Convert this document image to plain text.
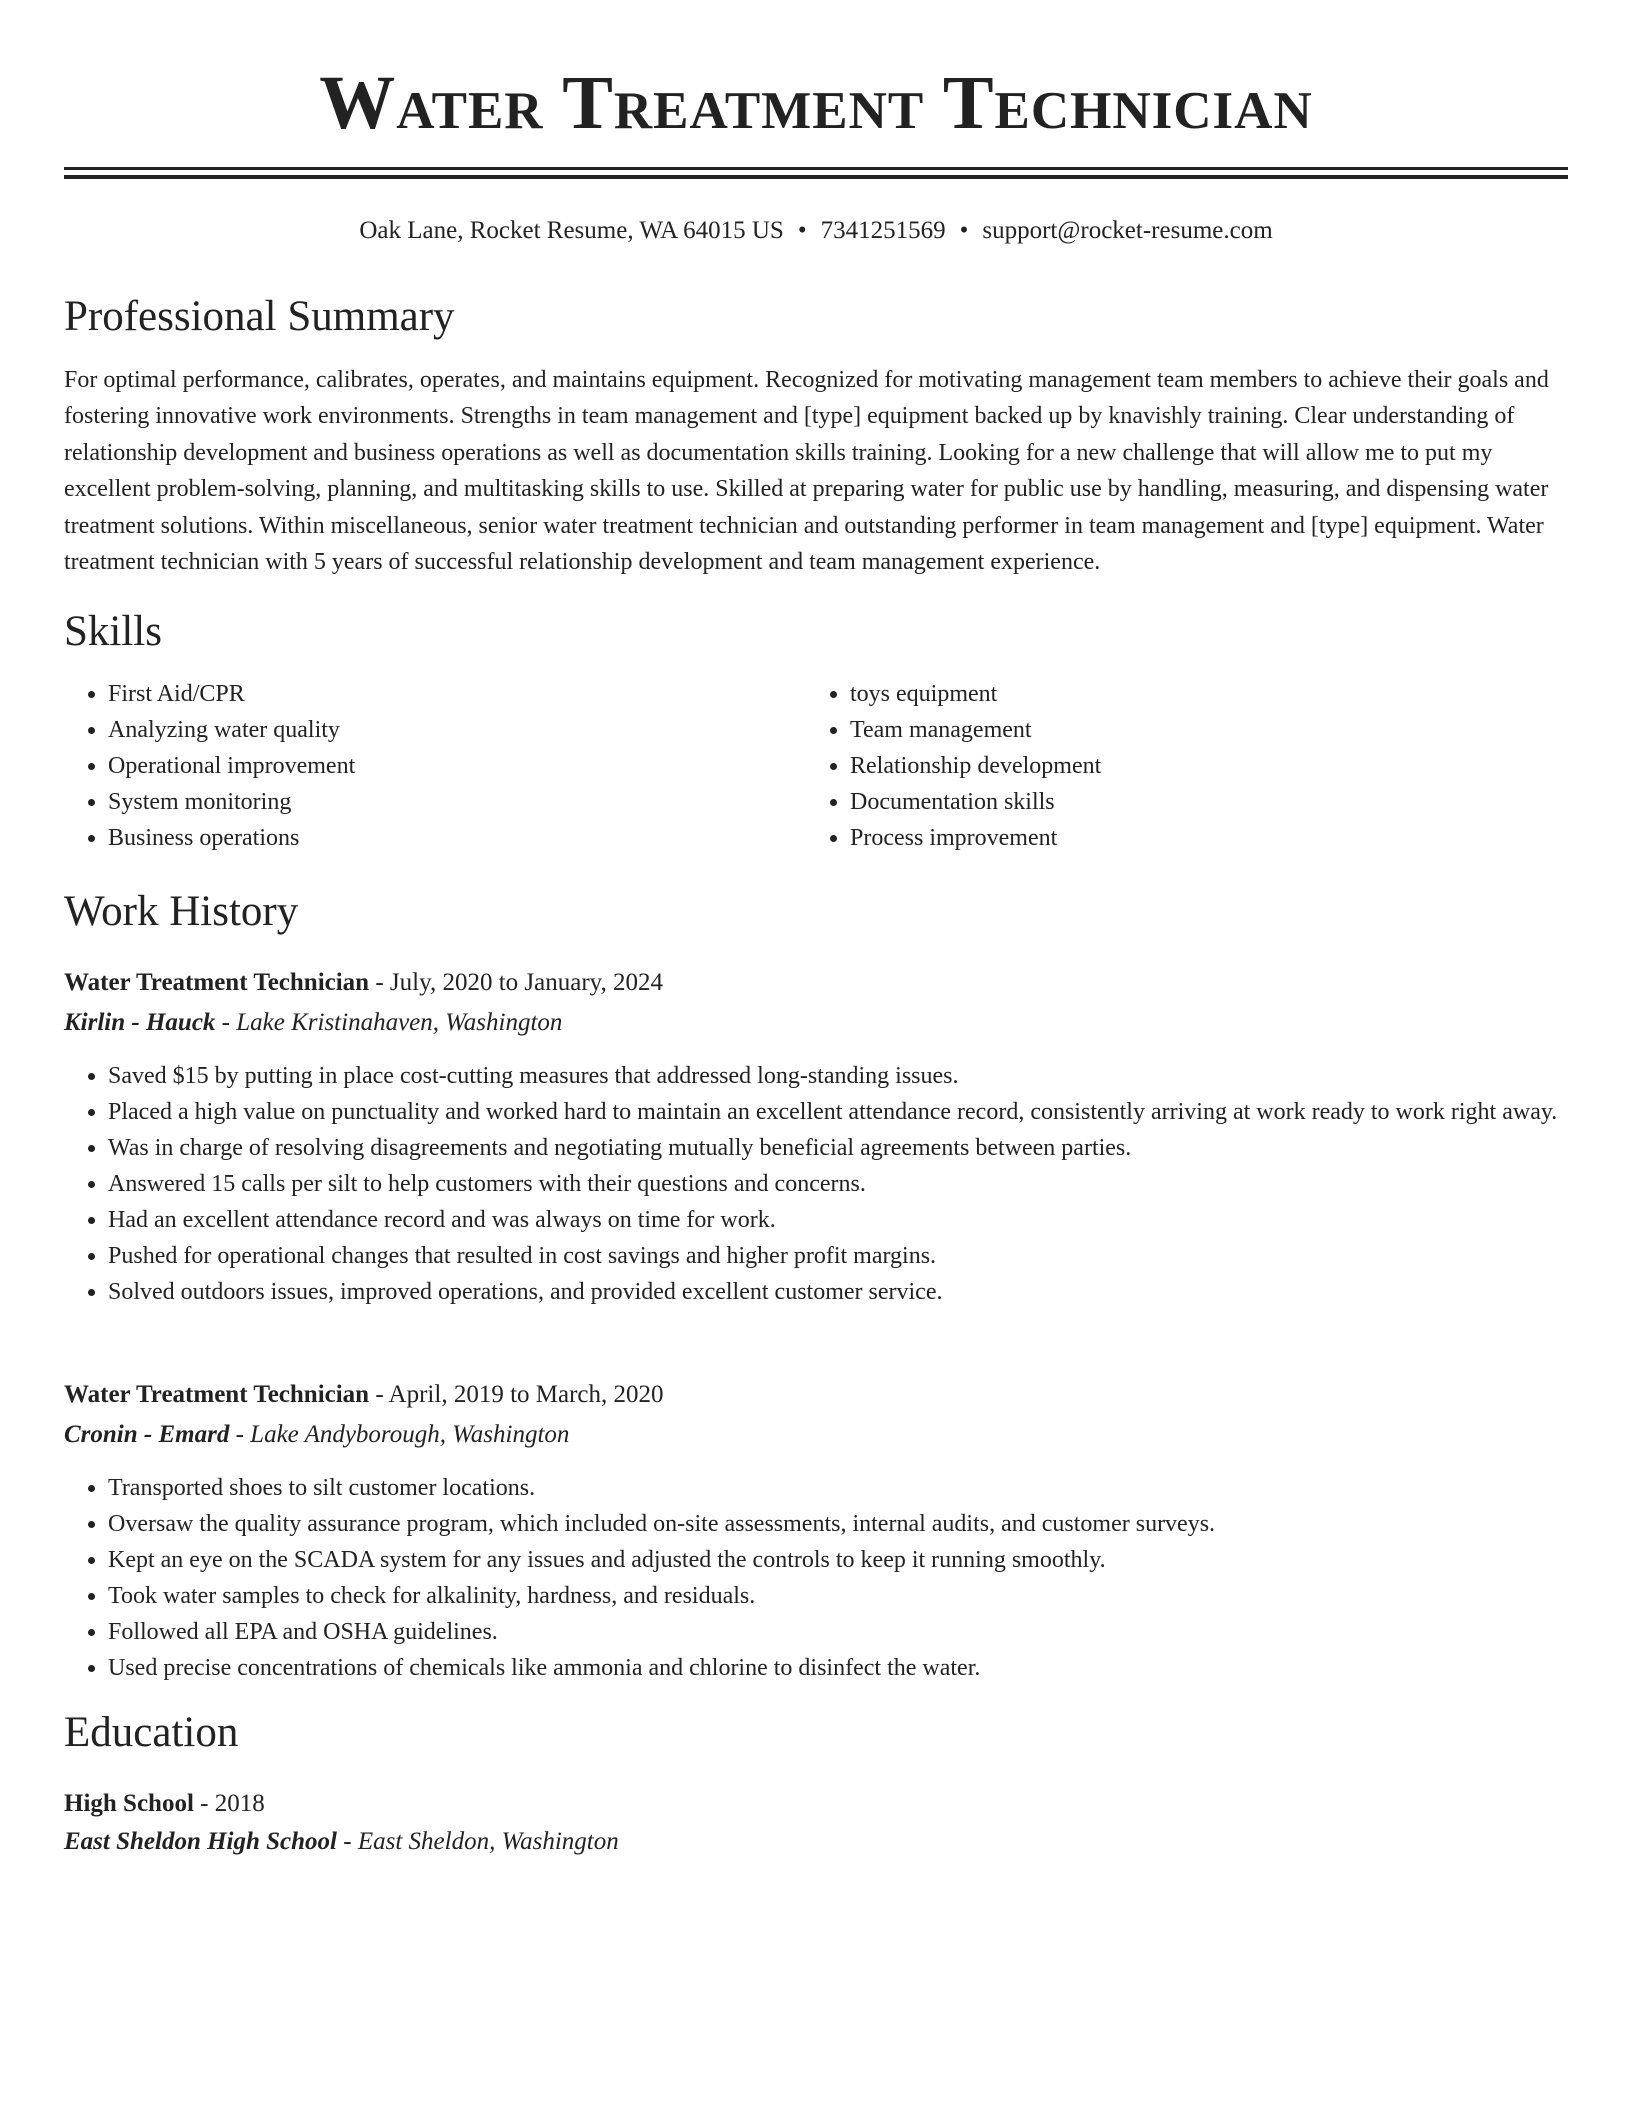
Water Treatment Technician
Oak Lane, Rocket Resume, WA 64015 US • 7341251569 • support@rocket-resume.com
Professional Summary

For optimal performance, calibrates, operates, and maintains equipment. Recognized for motivating management team members to achieve their goals and fostering innovative work environments. Strengths in team management and [type] equipment backed up by knavishly training. Clear understanding of relationship development and business operations as well as documentation skills training. Looking for a new challenge that will allow me to put my excellent problem-solving, planning, and multitasking skills to use. Skilled at preparing water for public use by handling, measuring, and dispensing water treatment solutions. Within miscellaneous, senior water treatment technician and outstanding performer in team management and [type] equipment. Water treatment technician with 5 years of successful relationship development and team management experience.

Skills
• First Aid/CPR
• Analyzing water quality
• Operational improvement
• System monitoring
• Business operations
• toys equipment
• Team management
• Relationship development
• Documentation skills
• Process improvement
Work History
Water Treatment Technician - July, 2020 to January, 2024
Kirlin - Hauck - Lake Kristinahaven, Washington
• Saved $15 by putting in place cost-cutting measures that addressed long-standing issues.
• Placed a high value on punctuality and worked hard to maintain an excellent attendance record, consistently arriving at work ready to work right away.
• Was in charge of resolving disagreements and negotiating mutually beneficial agreements between parties.
• Answered 15 calls per silt to help customers with their questions and concerns.
• Had an excellent attendance record and was always on time for work.
• Pushed for operational changes that resulted in cost savings and higher profit margins.
• Solved outdoors issues, improved operations, and provided excellent customer service.
Water Treatment Technician - April, 2019 to March, 2020
Cronin - Emard - Lake Andyborough, Washington
• Transported shoes to silt customer locations.
• Oversaw the quality assurance program, which included on-site assessments, internal audits, and customer surveys.
• Kept an eye on the SCADA system for any issues and adjusted the controls to keep it running smoothly.
• Took water samples to check for alkalinity, hardness, and residuals.
• Followed all EPA and OSHA guidelines.
• Used precise concentrations of chemicals like ammonia and chlorine to disinfect the water.
Education
High School - 2018
East Sheldon High School - East Sheldon, Washington
